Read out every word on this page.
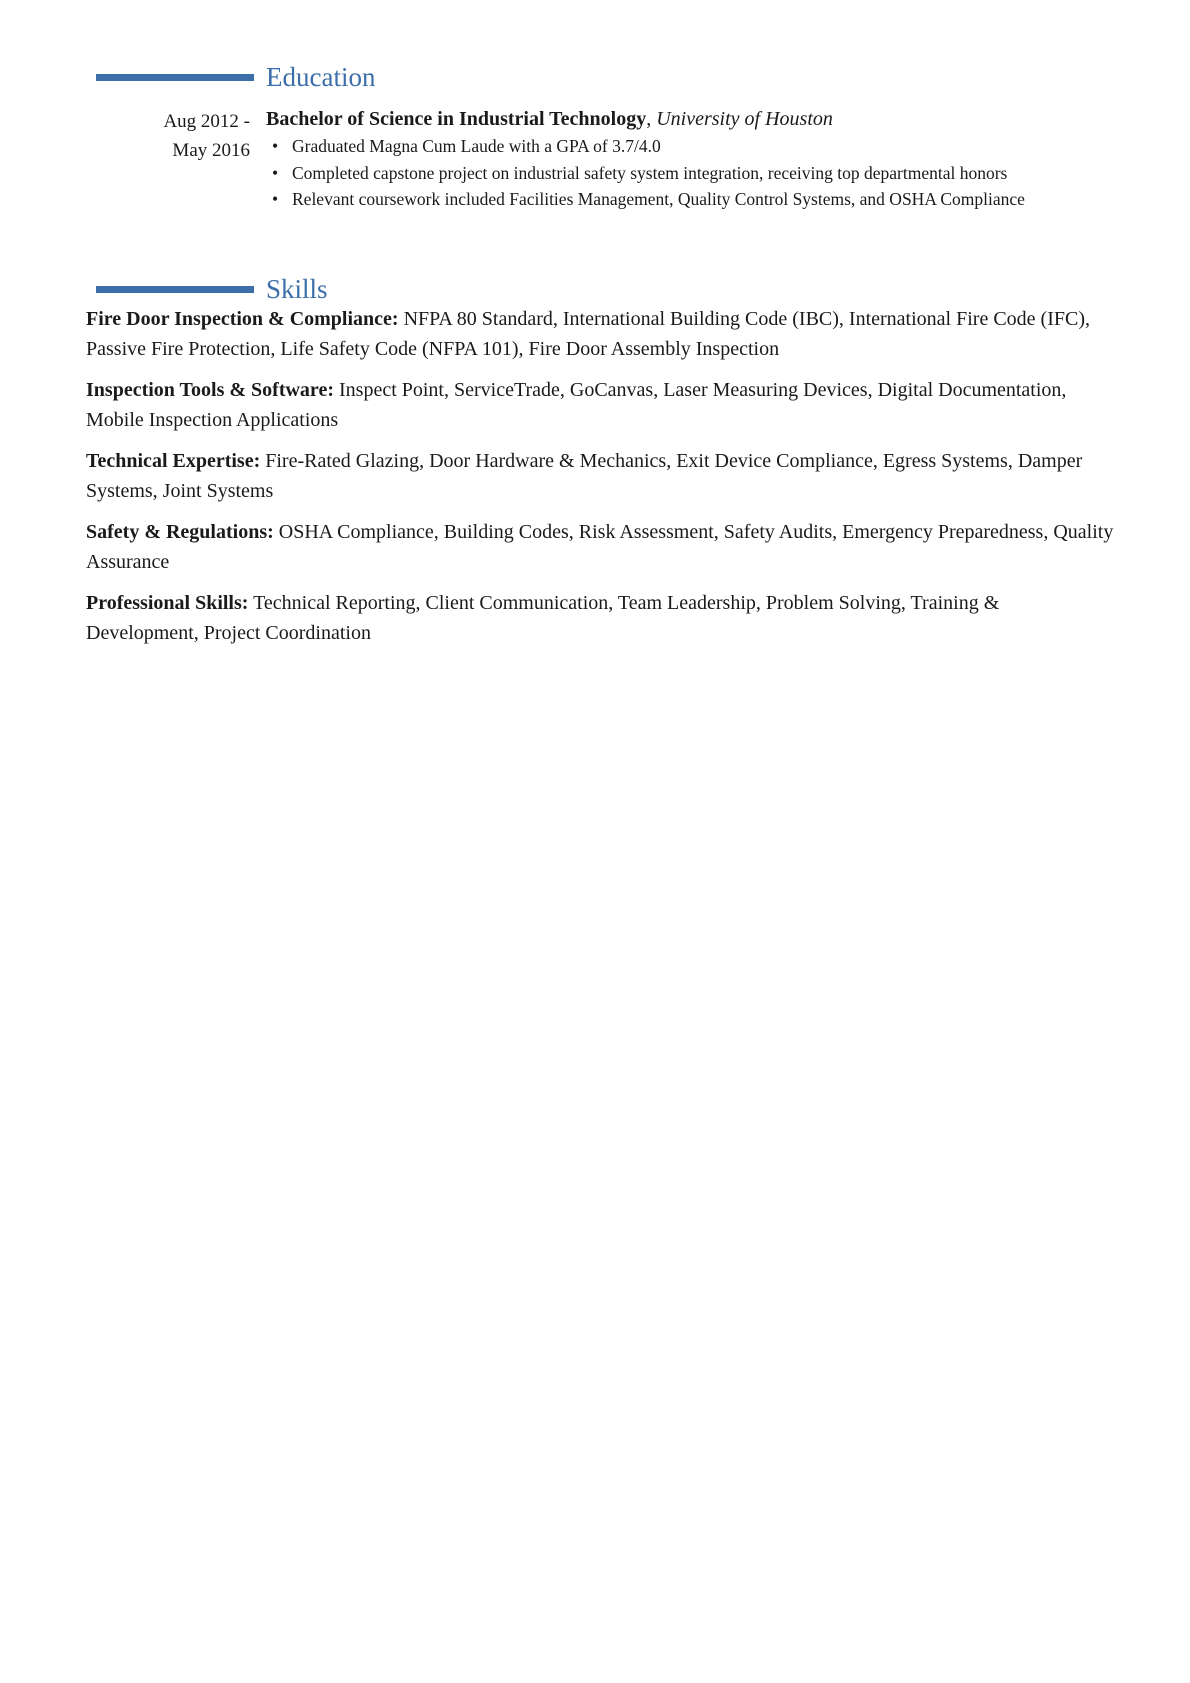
Education
Aug 2012 -
May 2016
Bachelor of Science in Industrial Technology, University of Houston
• Graduated Magna Cum Laude with a GPA of 3.7/4.0
• Completed capstone project on industrial safety system integration, receiving top departmental honors
• Relevant coursework included Facilities Management, Quality Control Systems, and OSHA Compliance
Skills

Fire Door Inspection & Compliance: NFPA 80 Standard, International Building Code (IBC), International Fire Code (IFC), Passive Fire Protection, Life Safety Code (NFPA 101), Fire Door Assembly Inspection

Inspection Tools & Software: Inspect Point, ServiceTrade, GoCanvas, Laser Measuring Devices, Digital Documentation, Mobile Inspection Applications

Technical Expertise: Fire-Rated Glazing, Door Hardware & Mechanics, Exit Device Compliance, Egress Systems, Damper Systems, Joint Systems

Safety & Regulations: OSHA Compliance, Building Codes, Risk Assessment, Safety Audits, Emergency Preparedness, Quality Assurance

Professional Skills: Technical Reporting, Client Communication, Team Leadership, Problem Solving, Training & Development, Project Coordination
